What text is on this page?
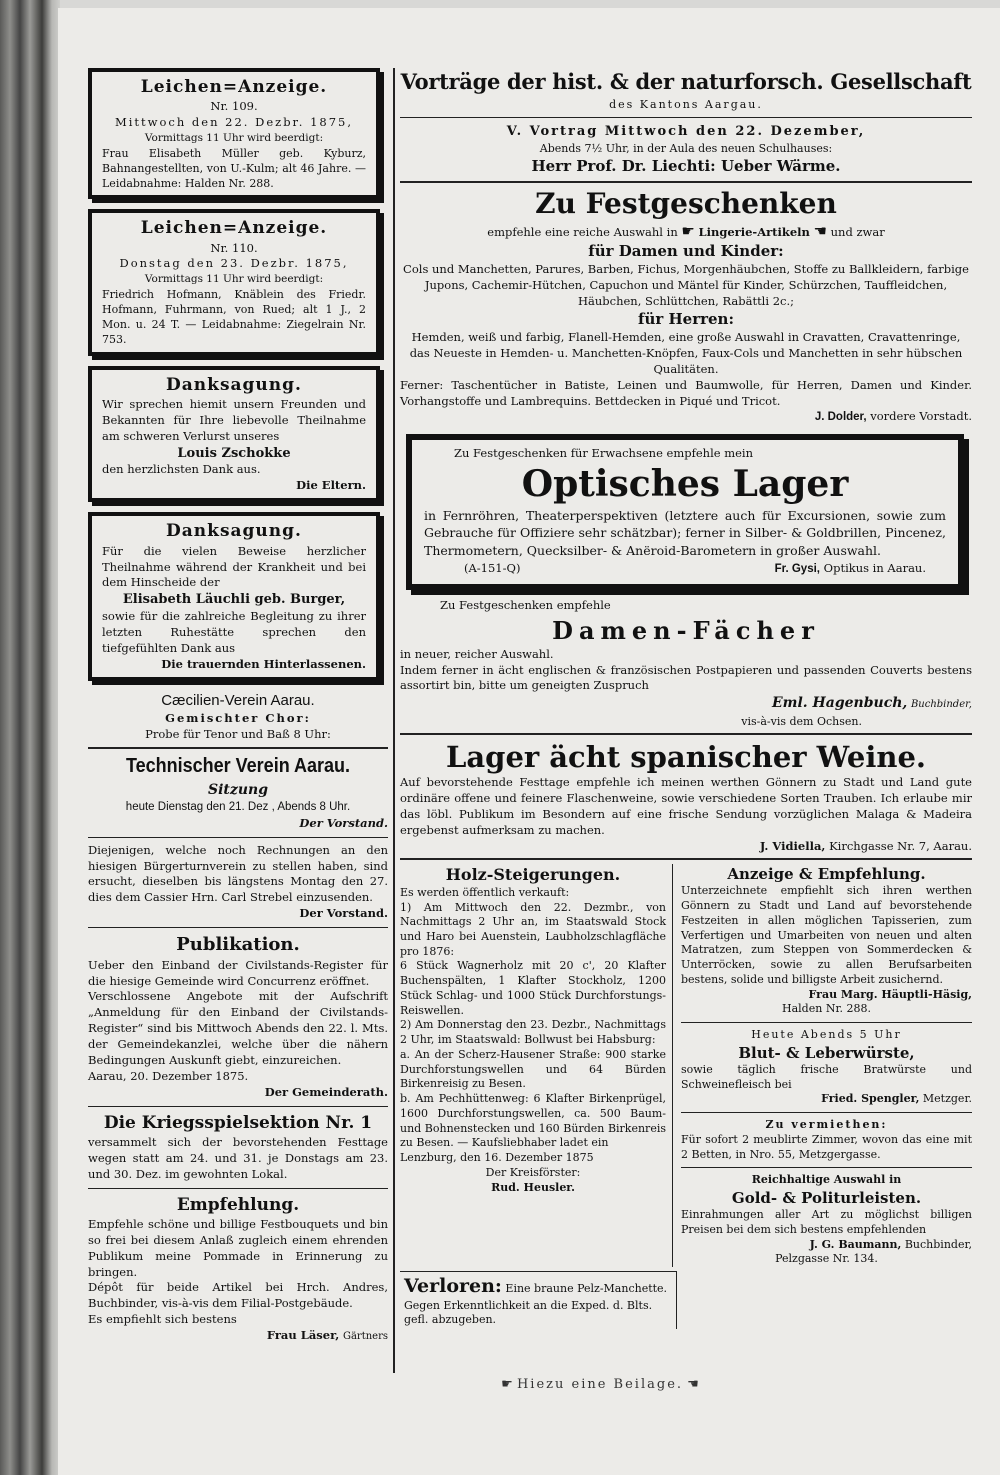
Leichen=Anzeige.
Nr. 109.
Mittwoch den 22. Dezbr. 1875,
Vormittags 11 Uhr wird beerdigt:
Frau Elisabeth Müller geb. Kyburz, Bahnangestellten, von U.-Kulm; alt 46 Jahre. — Leidabnahme: Halden Nr. 288.
Leichen=Anzeige.
Nr. 110.
Donstag den 23. Dezbr. 1875,
Vormittags 11 Uhr wird beerdigt:
Friedrich Hofmann, Knäblein des Friedr. Hofmann, Fuhrmann, von Rued; alt 1 J., 2 Mon. u. 24 T. — Leidabnahme: Ziegelrain Nr. 753.
Danksagung.
Wir sprechen hiemit unsern Freunden und Bekannten für Ihre liebevolle Theilnahme am schweren Verlurst unseres
Louis Zschokke
den herzlichsten Dank aus.
Die Eltern.
Danksagung.
Für die vielen Beweise herzlicher Theilnahme während der Krankheit und bei dem Hinscheide der
Elisabeth Läuchli geb. Burger,
sowie für die zahlreiche Begleitung zu ihrer letzten Ruhestätte sprechen den tiefgefühlten Dank aus
Die trauernden Hinterlassenen.
Cæcilien-Verein Aarau.
Gemischter Chor:
Probe für Tenor und Baß 8 Uhr:
Technischer Verein Aarau.
Sitzung
heute Dienstag den 21. Dez , Abends 8 Uhr.
Der Vorstand.
Diejenigen, welche noch Rechnungen an den hiesigen Bürgerturnverein zu stellen haben, sind ersucht, dieselben bis längstens Montag den 27. dies dem Cassier Hrn. Carl Strebel einzusenden.
Der Vorstand.
Publikation.
Ueber den Einband der Civilstands-Register für die hiesige Gemeinde wird Concurrenz eröffnet.
Verschlossene Angebote mit der Aufschrift „Anmeldung für den Einband der Civilstands-Register“ sind bis Mittwoch Abends den 22. l. Mts. der Gemeindekanzlei, welche über die nähern Bedingungen Auskunft giebt, einzureichen.
Aarau, 20. Dezember 1875.
Der Gemeinderath.
Die Kriegsspielsektion Nr. 1
versammelt sich der bevorstehenden Festtage wegen statt am 24. und 31. je Donstags am 23. und 30. Dez. im gewohnten Lokal.
Empfehlung.
Empfehle schöne und billige Festbouquets und bin so frei bei diesem Anlaß zugleich einem ehrenden Publikum meine Pommade in Erinnerung zu bringen.
Dépôt für beide Artikel bei Hrch. Andres, Buchbinder, vis-à-vis dem Filial-Postgebäude.
Es empfiehlt sich bestens
Frau Läser, Gärtners
Vorträge der hist. & der naturforsch. Gesellschaft
des Kantons Aargau.
V. Vortrag Mittwoch den 22. Dezember,
Abends 7½ Uhr, in der Aula des neuen Schulhauses:
Herr Prof. Dr. Liechti: Ueber Wärme.
Zu Festgeschenken
empfehle eine reiche Auswahl in ☛ Lingerie-Artikeln ☚ und zwar
für Damen und Kinder:
Cols und Manchetten, Parures, Barben, Fichus, Morgenhäubchen, Stoffe zu Ballkleidern, farbige Jupons, Cachemir-Hütchen, Capuchon und Mäntel für Kinder, Schürzchen, Tauffleidchen, Häubchen, Schlüttchen, Rabättli 2c.;
für Herren:
Hemden, weiß und farbig, Flanell-Hemden, eine große Auswahl in Cravatten, Cravattenringe, das Neueste in Hemden- u. Manchetten-Knöpfen, Faux-Cols und Manchetten in sehr hübschen Qualitäten.
Ferner: Taschentücher in Batiste, Leinen und Baumwolle, für Herren, Damen und Kinder. Vorhangstoffe und Lambrequins. Bettdecken in Piqué und Tricot.
J. Dolder, vordere Vorstadt.
Zu Festgeschenken für Erwachsene empfehle mein
Optisches Lager
in Fernröhren, Theaterperspektiven (letztere auch für Excursionen, sowie zum Gebrauche für Offiziere sehr schätzbar); ferner in Silber- & Goldbrillen, Pincenez, Thermometern, Quecksilber- & Anëroid-Barometern in großer Auswahl.
(A-151-Q)	Fr. Gysi, Optikus in Aarau.
Zu Festgeschenken empfehle
Damen-Fächer
in neuer, reicher Auswahl.
Indem ferner in ächt englischen & französischen Postpapieren und passenden Couverts bestens assortirt bin, bitte um geneigten Zuspruch
Eml. Hagenbuch, Buchbinder,
vis-à-vis dem Ochsen.
Lager ächt spanischer Weine.
Auf bevorstehende Festtage empfehle ich meinen werthen Gönnern zu Stadt und Land gute ordinäre offene und feinere Flaschenweine, sowie verschiedene Sorten Trauben. Ich erlaube mir das löbl. Publikum im Besondern auf eine frische Sendung vorzüglichen Malaga & Madeira ergebenst aufmerksam zu machen.
J. Vidiella, Kirchgasse Nr. 7, Aarau.
Holz-Steigerungen.
Es werden öffentlich verkauft:
1) Am Mittwoch den 22. Dezmbr., von Nachmittags 2 Uhr an, im Staatswald Stock und Haro bei Auenstein, Laubholzschlagfläche pro 1876:
6 Stück Wagnerholz mit 20 c', 20 Klafter Buchenspälten, 1 Klafter Stockholz, 1200 Stück Schlag- und 1000 Stück Durchforstungs-Reiswellen.
2) Am Donnerstag den 23. Dezbr., Nachmittags 2 Uhr, im Staatswald: Bollwust bei Habsburg:
a. An der Scherz-Hausener Straße: 900 starke Durchforstungswellen und 64 Bürden Birkenreisig zu Besen.
b. Am Pechhüttenweg: 6 Klafter Birkenprügel, 1600 Durchforstungswellen, ca. 500 Baum- und Bohnenstecken und 160 Bürden Birkenreis zu Besen. — Kaufsliebhaber ladet ein
Lenzburg, den 16. Dezember 1875
Der Kreisförster:
Rud. Heusler.
Anzeige & Empfehlung.
Unterzeichnete empfiehlt sich ihren werthen Gönnern zu Stadt und Land auf bevorstehende Festzeiten in allen möglichen Tapisserien, zum Verfertigen und Umarbeiten von neuen und alten Matratzen, zum Steppen von Sommerdecken & Unterröcken, sowie zu allen Berufsarbeiten bestens, solide und billigste Arbeit zusichernd.
Frau Marg. Häuptli-Häsig,
Halden Nr. 288.
Heute Abends 5 Uhr
Blut- & Leberwürste,
sowie täglich frische Bratwürste und Schweinefleisch bei
Fried. Spengler, Metzger.
Zu vermiethen:
Für sofort 2 meublirte Zimmer, wovon das eine mit 2 Betten, in Nro. 55, Metzgergasse.
Reichhaltige Auswahl in
Gold- & Politurleisten.
Einrahmungen aller Art zu möglichst billigen Preisen bei dem sich bestens empfehlenden
J. G. Baumann, Buchbinder,
Pelzgasse Nr. 134.
Verloren: Eine braune Pelz-Manchette. Gegen Erkenntlichkeit an die Exped. d. Blts. gefl. abzugeben.
☛ Hiezu eine Beilage. ☚
